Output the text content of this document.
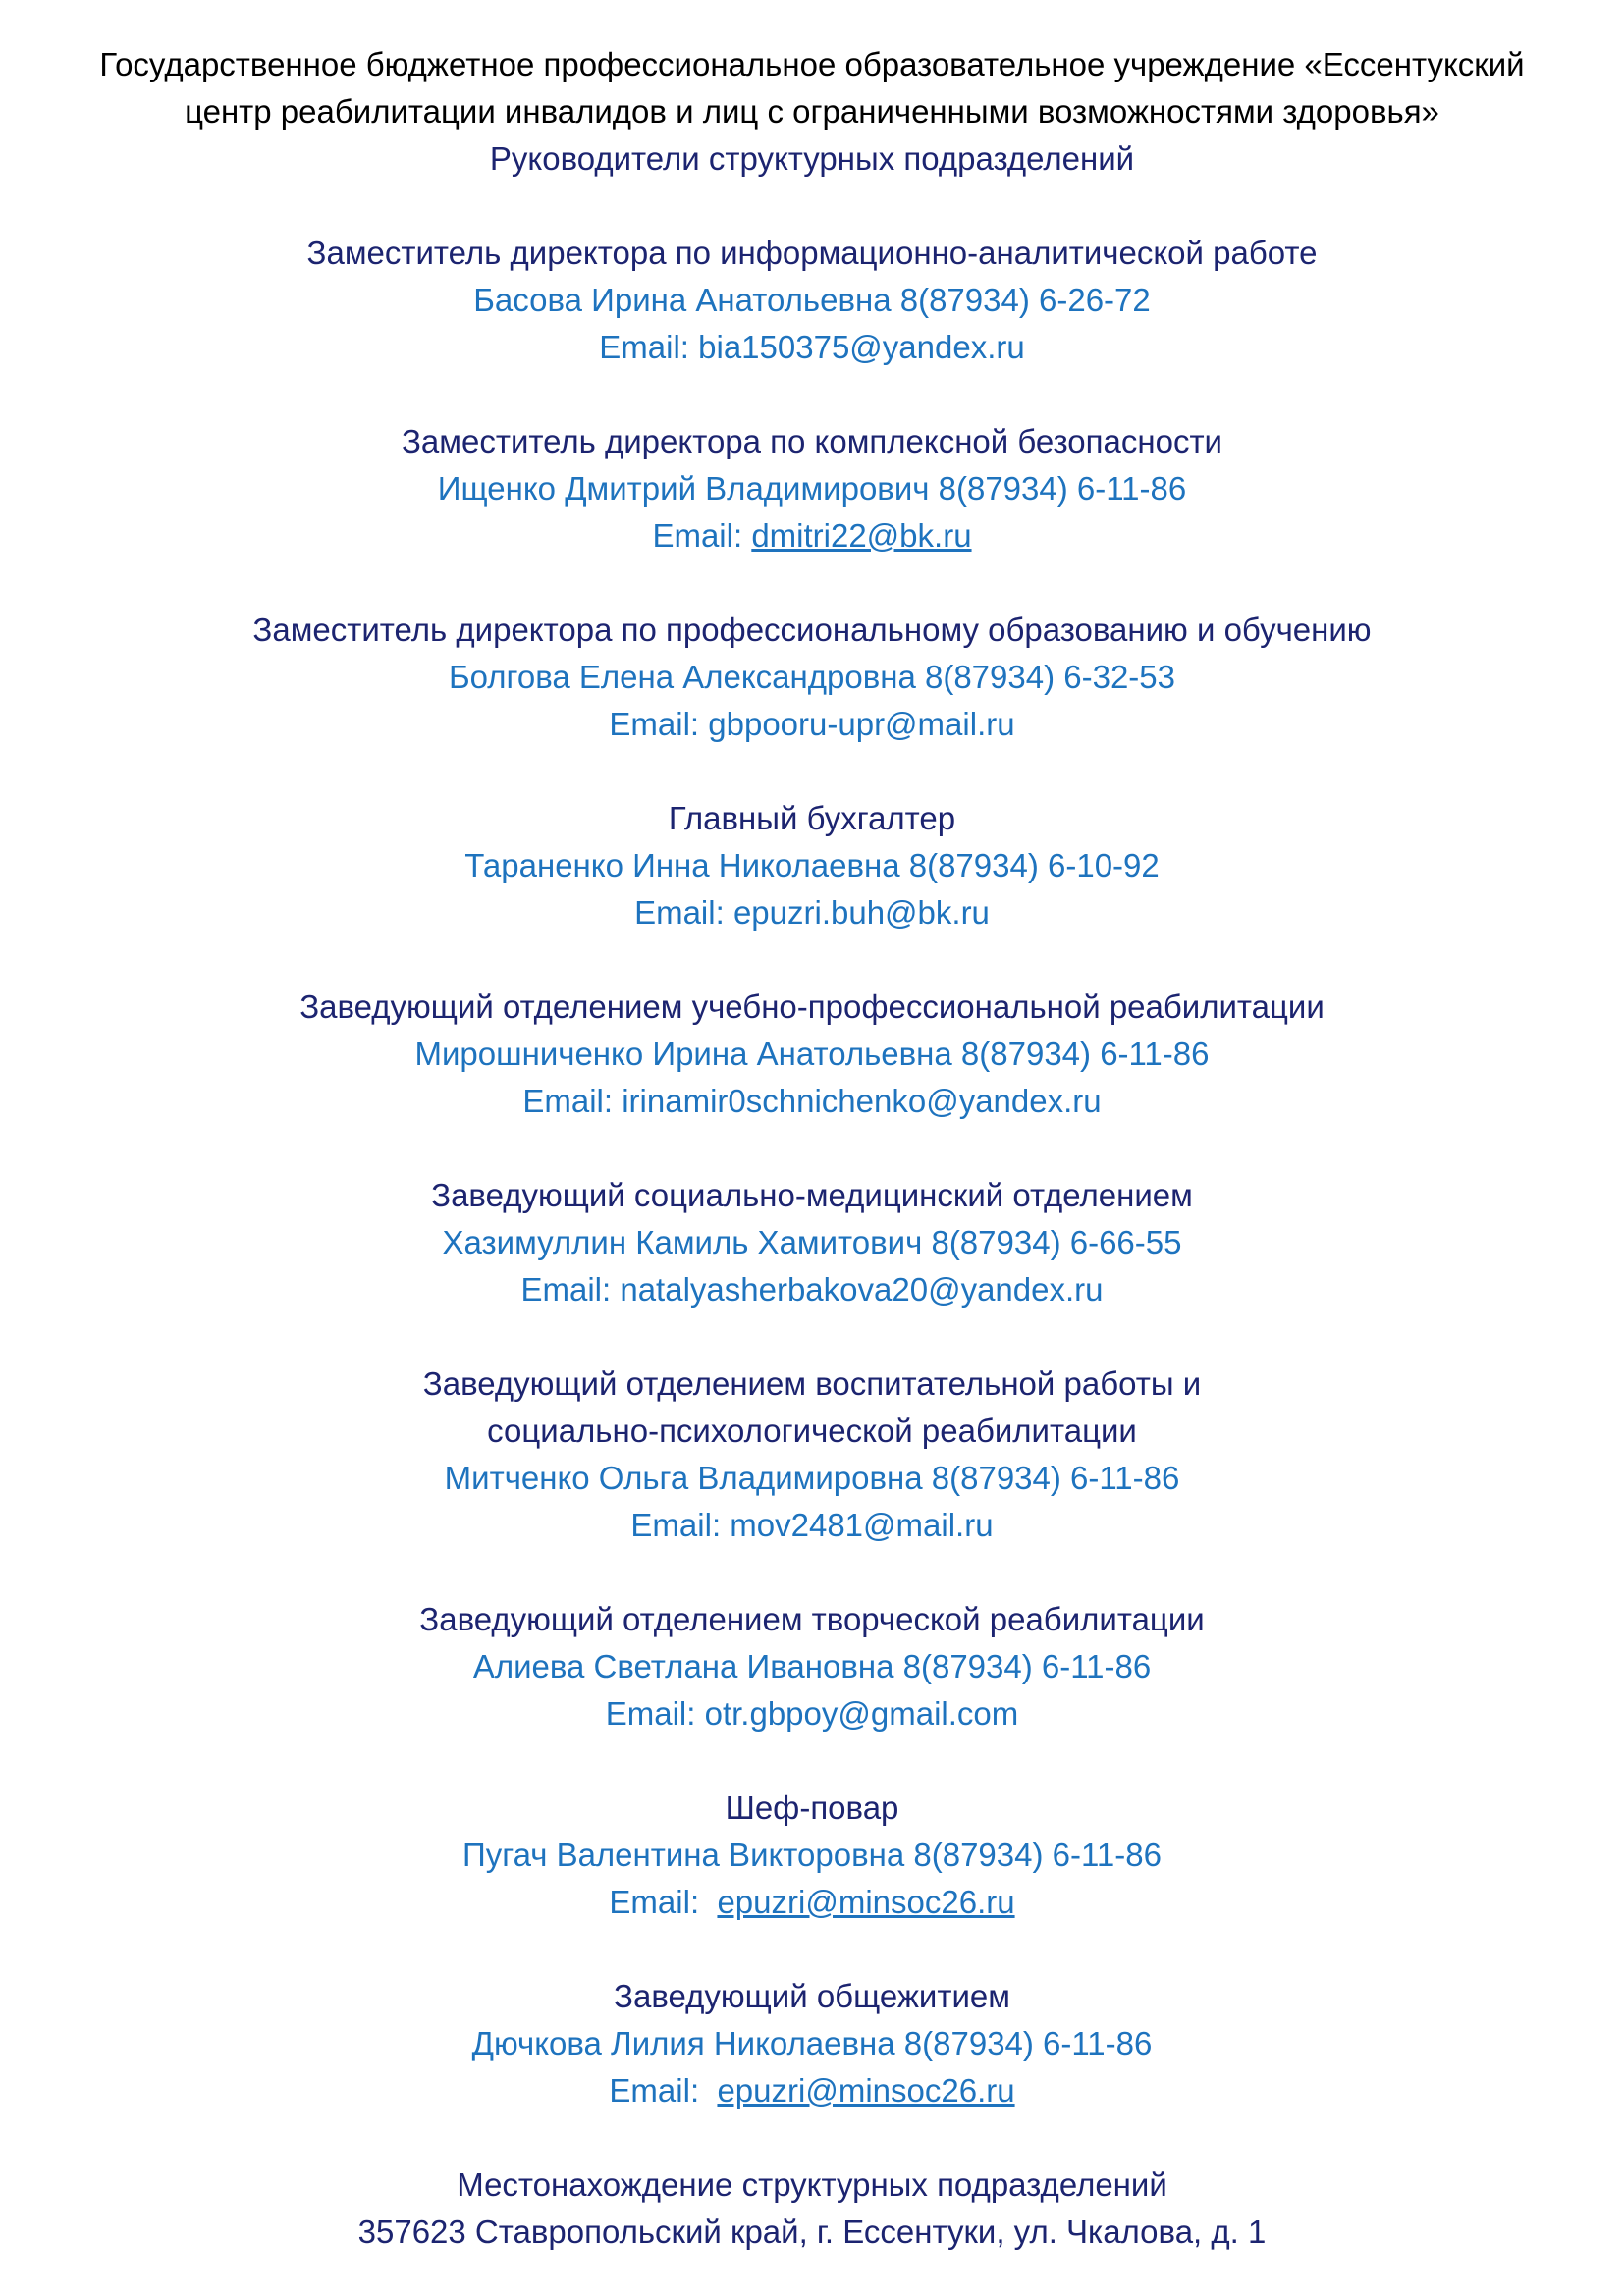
Государственное бюджетное профессиональное образовательное учреждение «Ессентукский
центр реабилитации инвалидов и лиц с ограниченными возможностями здоровья»
Руководители структурных подразделений
Заместитель директора по информационно-аналитической работе
Басова Ирина Анатольевна 8(87934) 6-26-72
Email: bia150375@yandex.ru
Заместитель директора по комплексной безопасности
Ищенко Дмитрий Владимирович 8(87934) 6-11-86
Email: dmitri22@bk.ru
Заместитель директора по профессиональному образованию и обучению
Болгова Елена Александровна 8(87934) 6-32-53
Email: gbpooru-upr@mail.ru
Главный бухгалтер
Тараненко Инна Николаевна 8(87934) 6-10-92
Email: epuzri.buh@bk.ru
Заведующий отделением учебно-профессиональной реабилитации
Мирошниченко Ирина Анатольевна 8(87934) 6-11-86
Email: irinamir0schnichenko@yandex.ru
Заведующий социально-медицинский отделением
Хазимуллин Камиль Хамитович 8(87934) 6-66-55
Email: natalyasherbakova20@yandex.ru
Заведующий отделением воспитательной работы и
социально-психологической реабилитации
Митченко Ольга Владимировна 8(87934) 6-11-86
Email: mov2481@mail.ru
Заведующий отделением творческой реабилитации
Алиева Светлана Ивановна 8(87934) 6-11-86
Email: otr.gbpoy@gmail.com
Шеф-повар
Пугач Валентина Викторовна 8(87934) 6-11-86
Email:  epuzri@minsoc26.ru
Заведующий общежитием
Дючкова Лилия Николаевна 8(87934) 6-11-86
Email:  epuzri@minsoc26.ru
Местонахождение структурных подразделений
357623 Ставропольский край, г. Ессентуки, ул. Чкалова, д. 1
